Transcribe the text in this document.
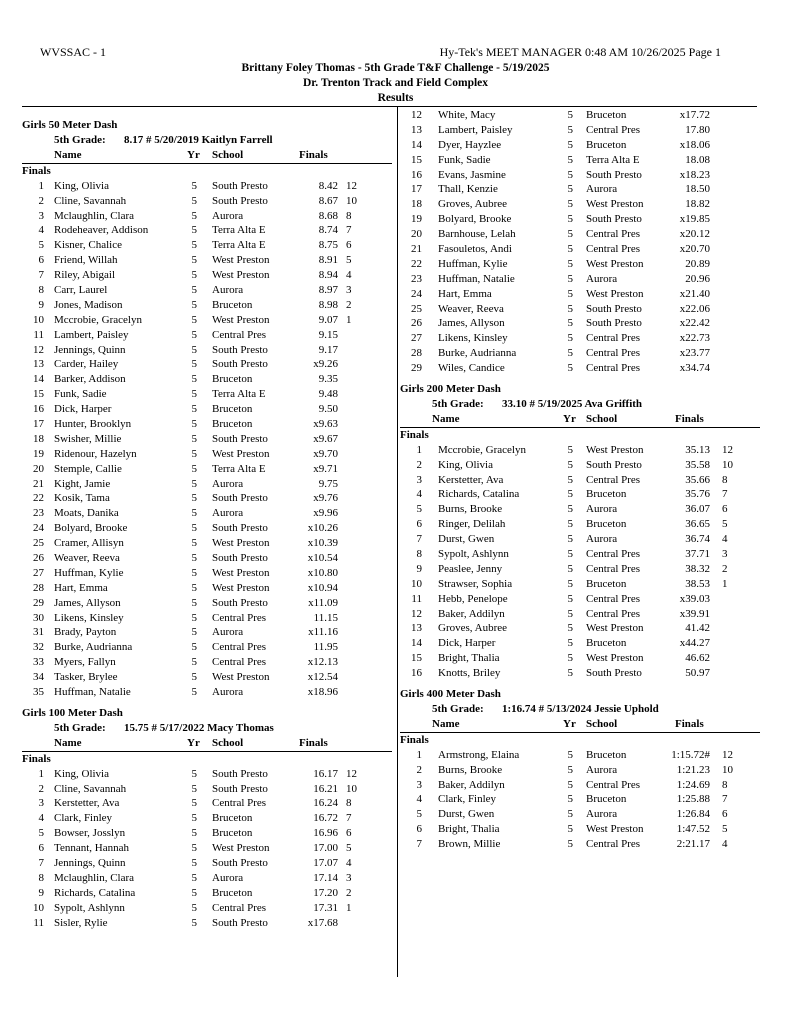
WVSSAC - 1	Hy-Tek's MEET MANAGER 0:48 AM 10/26/2025 Page 1
Brittany Foley Thomas - 5th Grade T&F Challenge - 5/19/2025
Dr. Trenton Track and Field Complex
Results
Girls 50 Meter Dash
5th Grade: 8.17 # 5/20/2019 Kaitlyn Farrell
Name	Yr School	Finals
Finals
1 King, Olivia	5 South Presto	8.42 12
2 Cline, Savannah	5 South Presto	8.67 10
3 Mclaughlin, Clara	5 Aurora	8.68 8
4 Rodeheaver, Addison	5 Terra Alta E	8.74 7
5 Kisner, Chalice	5 Terra Alta E	8.75 6
6 Friend, Willah	5 West Preston	8.91 5
7 Riley, Abigail	5 West Preston	8.94 4
8 Carr, Laurel	5 Aurora	8.97 3
9 Jones, Madison	5 Bruceton	8.98 2
10 Mccrobie, Gracelyn	5 West Preston	9.07 1
11 Lambert, Paisley	5 Central Pres	9.15
12 Jennings, Quinn	5 South Presto	9.17
13 Carder, Hailey	5 South Presto	x9.26
14 Barker, Addison	5 Bruceton	9.35
15 Funk, Sadie	5 Terra Alta E	9.48
16 Dick, Harper	5 Bruceton	9.50
17 Hunter, Brooklyn	5 Bruceton	x9.63
18 Swisher, Millie	5 South Presto	x9.67
19 Ridenour, Hazelyn	5 West Preston	x9.70
20 Stemple, Callie	5 Terra Alta E	x9.71
21 Kight, Jamie	5 Aurora	9.75
22 Kosik, Tama	5 South Presto	x9.76
23 Moats, Danika	5 Aurora	x9.96
24 Bolyard, Brooke	5 South Presto	x10.26
25 Cramer, Allisyn	5 West Preston	x10.39
26 Weaver, Reeva	5 South Presto	x10.54
27 Huffman, Kylie	5 West Preston	x10.80
28 Hart, Emma	5 West Preston	x10.94
29 James, Allyson	5 South Presto	x11.09
30 Likens, Kinsley	5 Central Pres	11.15
31 Brady, Payton	5 Aurora	x11.16
32 Burke, Audrianna	5 Central Pres	11.95
33 Myers, Fallyn	5 Central Pres	x12.13
34 Tasker, Brylee	5 West Preston	x12.54
35 Huffman, Natalie	5 Aurora	x18.96
Girls 100 Meter Dash
5th Grade: 15.75 # 5/17/2022 Macy Thomas
Name	Yr School	Finals
Finals
1 King, Olivia	5 South Presto	16.17 12
2 Cline, Savannah	5 South Presto	16.21 10
3 Kerstetter, Ava	5 Central Pres	16.24 8
4 Clark, Finley	5 Bruceton	16.72 7
5 Bowser, Josslyn	5 Bruceton	16.96 6
6 Tennant, Hannah	5 West Preston	17.00 5
7 Jennings, Quinn	5 South Presto	17.07 4
8 Mclaughlin, Clara	5 Aurora	17.14 3
9 Richards, Catalina	5 Bruceton	17.20 2
10 Sypolt, Ashlynn	5 Central Pres	17.31 1
11 Sisler, Rylie	5 South Presto	x17.68
12 White, Macy	5 Bruceton	x17.72
13 Lambert, Paisley	5 Central Pres	17.80
14 Dyer, Hayzlee	5 Bruceton	x18.06
15 Funk, Sadie	5 Terra Alta E	18.08
16 Evans, Jasmine	5 South Presto	x18.23
17 Thall, Kenzie	5 Aurora	18.50
18 Groves, Aubree	5 West Preston	18.82
19 Bolyard, Brooke	5 South Presto	x19.85
20 Barnhouse, Lelah	5 Central Pres	x20.12
21 Fasouletos, Andi	5 Central Pres	x20.70
22 Huffman, Kylie	5 West Preston	20.89
23 Huffman, Natalie	5 Aurora	20.96
24 Hart, Emma	5 West Preston	x21.40
25 Weaver, Reeva	5 South Presto	x22.06
26 James, Allyson	5 South Presto	x22.42
27 Likens, Kinsley	5 Central Pres	x22.73
28 Burke, Audrianna	5 Central Pres	x23.77
29 Wiles, Candice	5 Central Pres	x34.74
Girls 200 Meter Dash
5th Grade: 33.10 # 5/19/2025 Ava Griffith
Name	Yr School	Finals
Finals
1 Mccrobie, Gracelyn	5 West Preston	35.13 12
2 King, Olivia	5 South Presto	35.58 10
3 Kerstetter, Ava	5 Central Pres	35.66 8
4 Richards, Catalina	5 Bruceton	35.76 7
5 Burns, Brooke	5 Aurora	36.07 6
6 Ringer, Delilah	5 Bruceton	36.65 5
7 Durst, Gwen	5 Aurora	36.74 4
8 Sypolt, Ashlynn	5 Central Pres	37.71 3
9 Peaslee, Jenny	5 Central Pres	38.32 2
10 Strawser, Sophia	5 Bruceton	38.53 1
11 Hebb, Penelope	5 Central Pres	x39.03
12 Baker, Addilyn	5 Central Pres	x39.91
13 Groves, Aubree	5 West Preston	41.42
14 Dick, Harper	5 Bruceton	x44.27
15 Bright, Thalia	5 West Preston	46.62
16 Knotts, Briley	5 South Presto	50.97
Girls 400 Meter Dash
5th Grade: 1:16.74 # 5/13/2024 Jessie Uphold
Name	Yr School	Finals
Finals
1 Armstrong, Elaina	5 Bruceton	1:15.72# 12
2 Burns, Brooke	5 Aurora	1:21.23 10
3 Baker, Addilyn	5 Central Pres	1:24.69 8
4 Clark, Finley	5 Bruceton	1:25.88 7
5 Durst, Gwen	5 Aurora	1:26.84 6
6 Bright, Thalia	5 West Preston	1:47.52 5
7 Brown, Millie	5 Central Pres	2:21.17 4
